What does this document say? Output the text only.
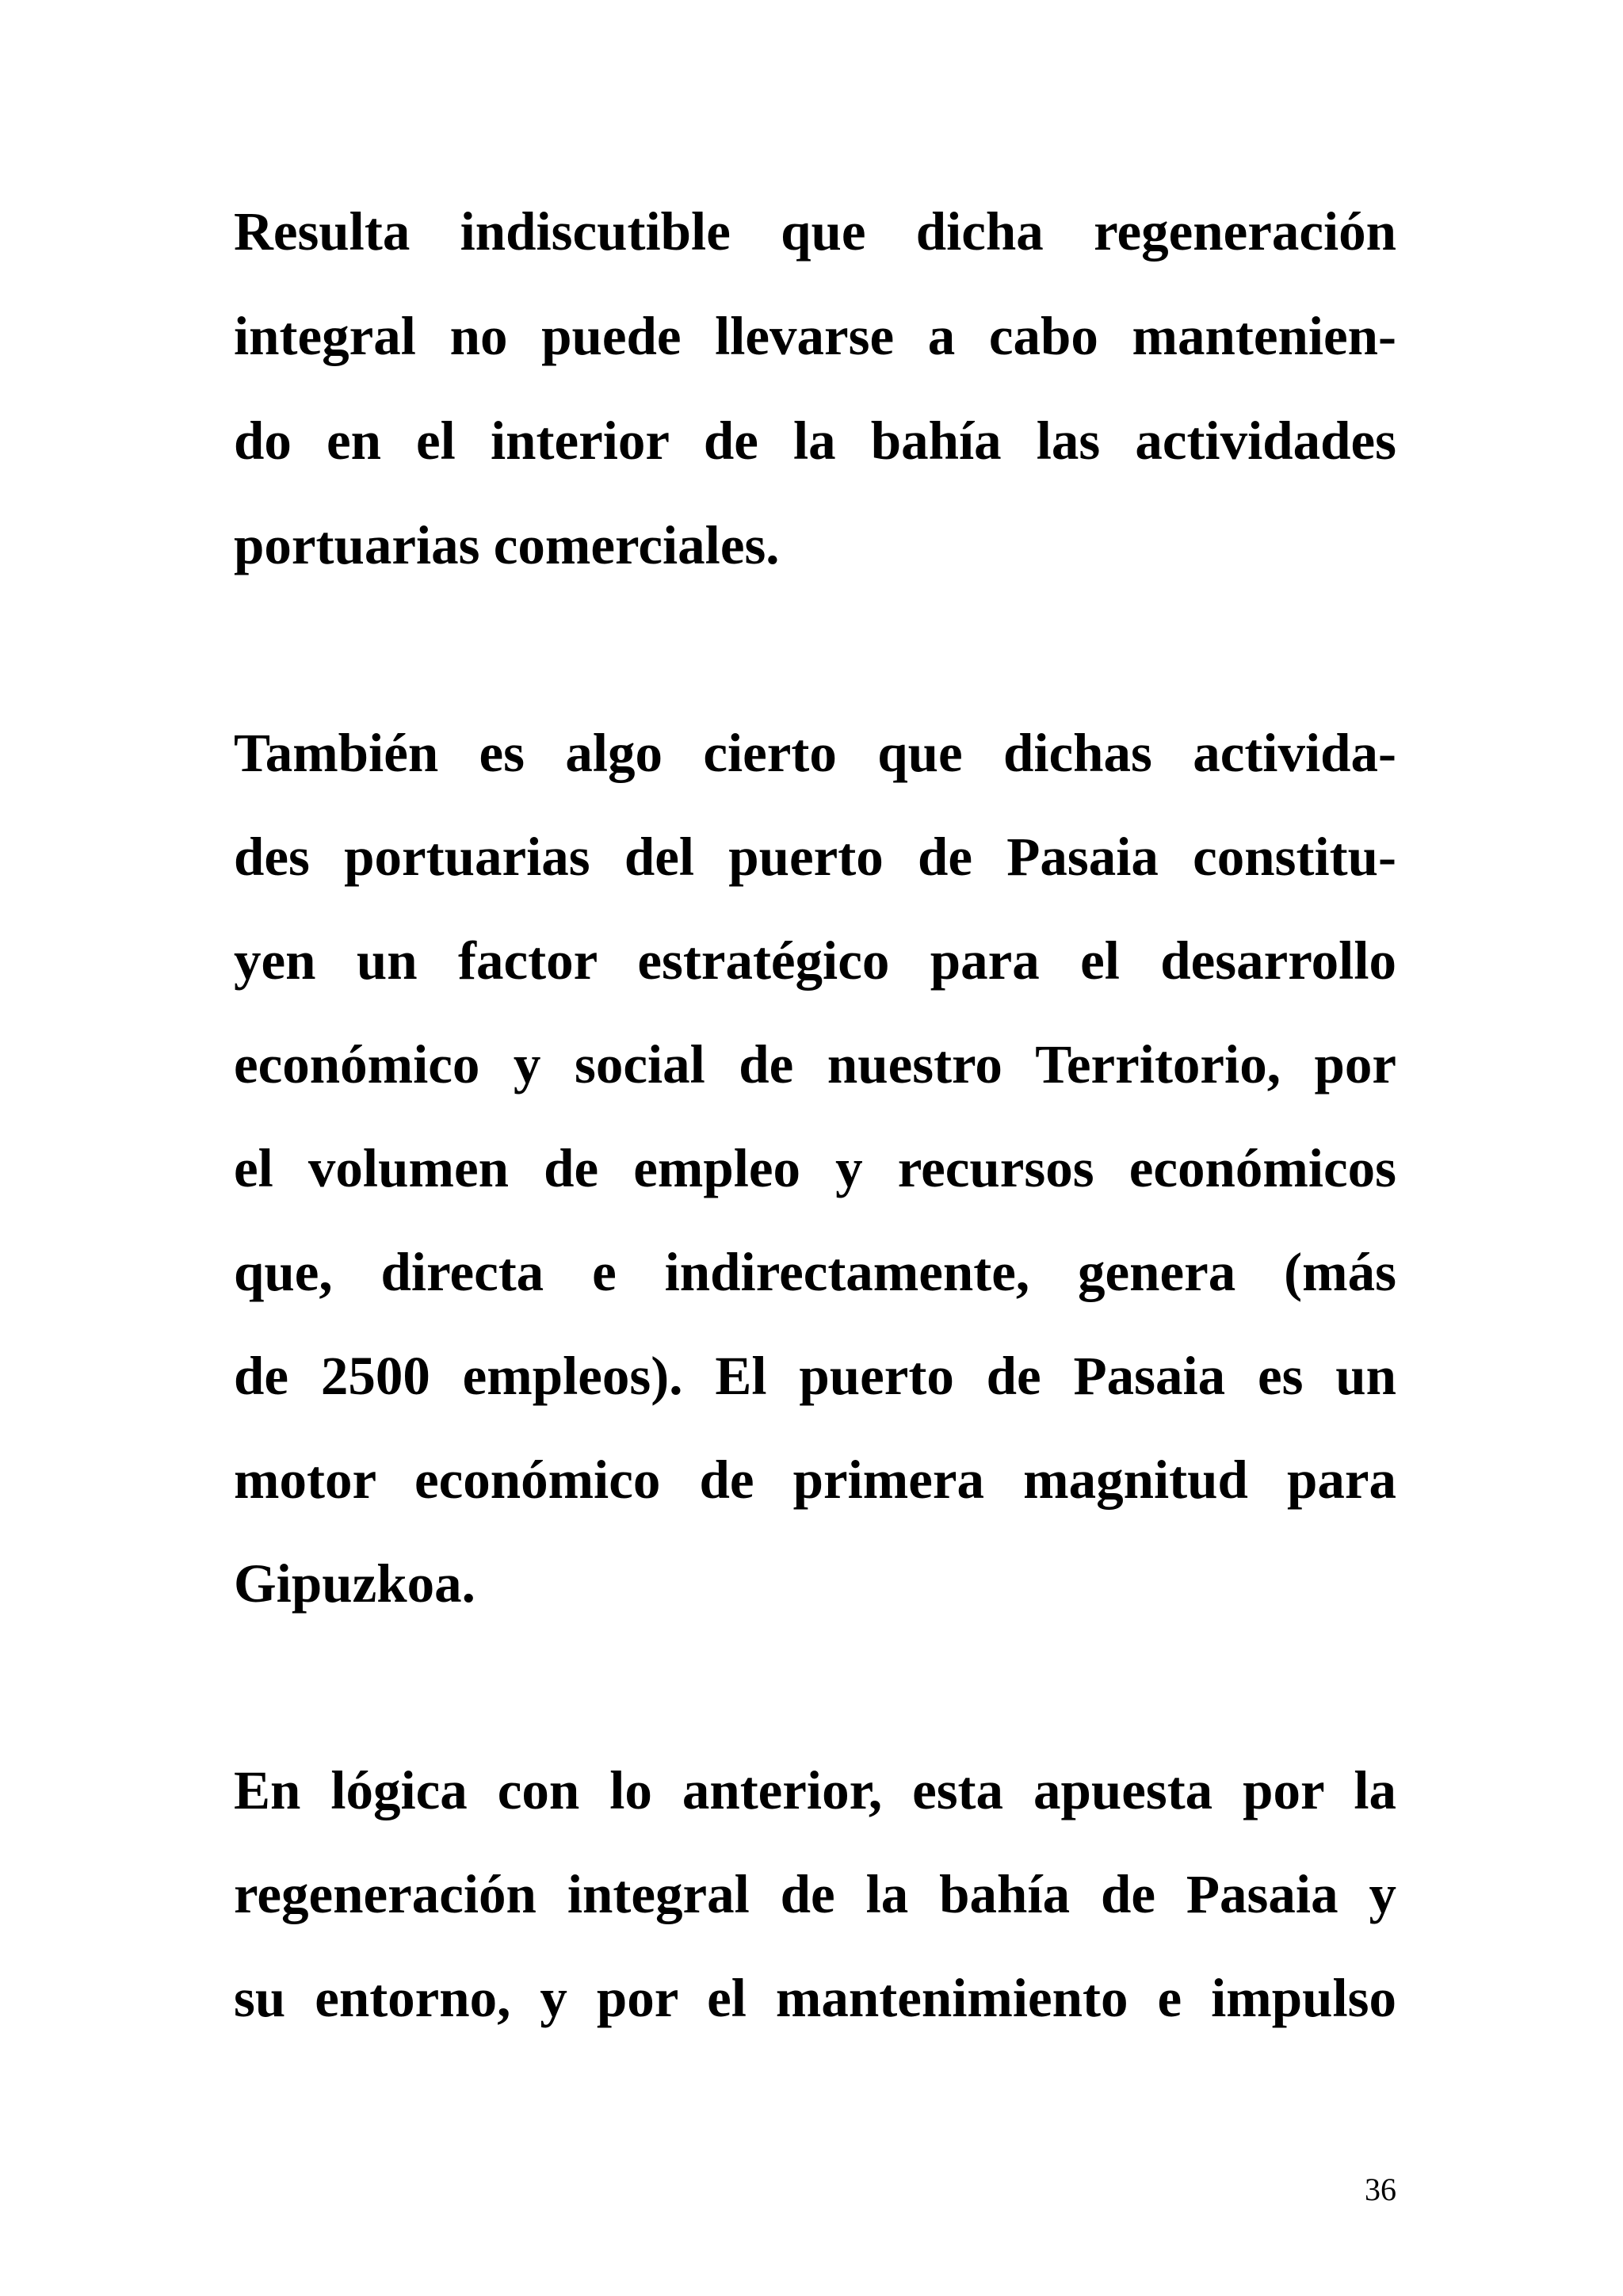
Resulta indiscutible que dicha regeneración
integral no puede llevarse a cabo mantenien-
do en el interior de la bahía las actividades
portuarias comerciales.
También es algo cierto que dichas activida-
des portuarias del puerto de Pasaia constitu-
yen un factor estratégico para el desarrollo
económico y social de nuestro Territorio, por
el volumen de empleo y recursos económicos
que, directa e indirectamente, genera (más
de 2500 empleos). El puerto de Pasaia es un
motor económico de primera magnitud para
Gipuzkoa.
En lógica con lo anterior, esta apuesta por la
regeneración integral de la bahía de Pasaia y
su entorno, y por el mantenimiento e impulso
36
